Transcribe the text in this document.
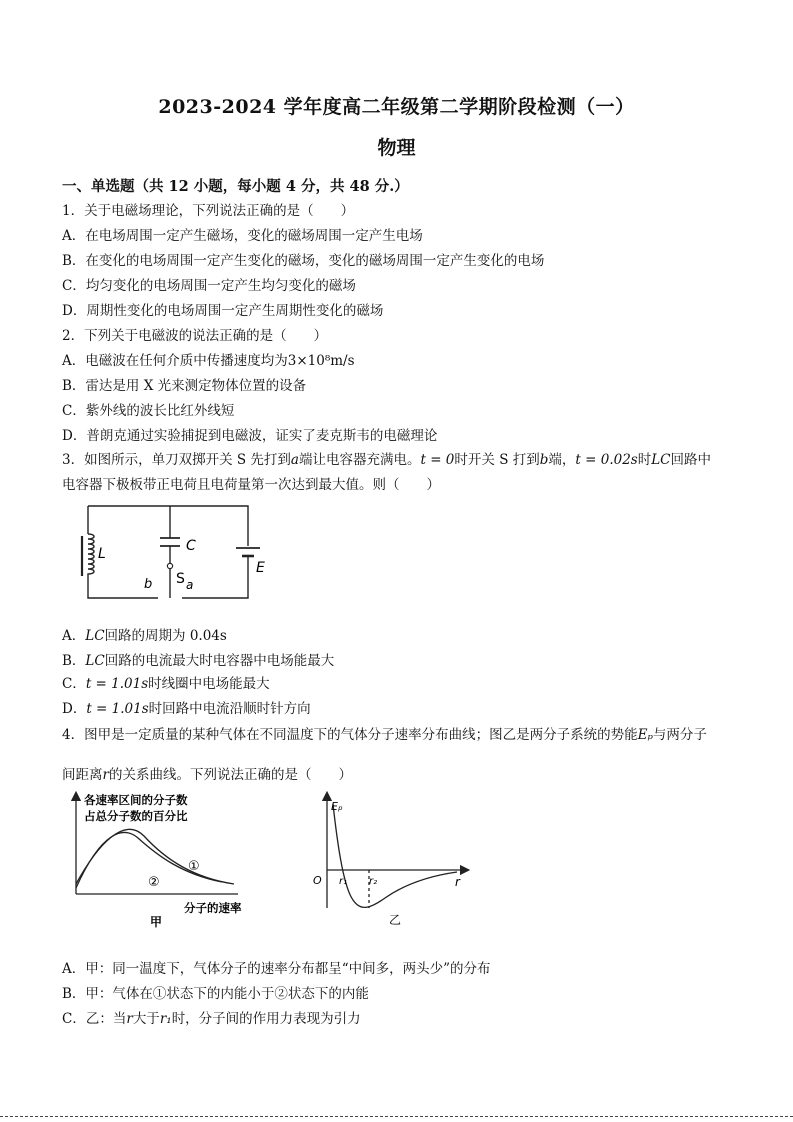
2023-2024 学年度高二年级第二学期阶段检测（一）
物理
一、单选题（共 12 小题，每小题 4 分，共 48 分.）
1．关于电磁场理论，下列说法正确的是（　　）
A．在电场周围一定产生磁场，变化的磁场周围一定产生电场
B．在变化的电场周围一定产生变化的磁场，变化的磁场周围一定产生变化的电场
C．均匀变化的电场周围一定产生均匀变化的磁场
D．周期性变化的电场周围一定产生周期性变化的磁场
2．下列关于电磁波的说法正确的是（　　）
A．电磁波在任何介质中传播速度均为3×10⁸m/s
B．雷达是用 X 光来测定物体位置的设备
C．紫外线的波长比红外线短
D．普朗克通过实验捕捉到电磁波，证实了麦克斯韦的电磁理论
3．如图所示，单刀双掷开关 S 先打到a端让电容器充满电。t = 0时开关 S 打到b端，t = 0.02s时LC回路中
电容器下极板带正电荷且电荷量第一次达到最大值。则（　　）
L	C
E
S a
b
A．LC回路的周期为 0.04s
B．LC回路的电流最大时电容器中电场能最大
C．t = 1.01s时线圈中电场能最大
D．t = 1.01s时回路中电流沿顺时针方向
4．图甲是一定质量的某种气体在不同温度下的气体分子速率分布曲线；图乙是两分子系统的势能Eₚ与两分子
间距离r的关系曲线。下列说法正确的是（　　）
各速率区间的分子数
占总分子数的百分比
①
②
分子的速率
甲
Eₚ
O r₁ r₂	r
乙
A．甲：同一温度下，气体分子的速率分布都呈“中间多，两头少”的分布
B．甲：气体在①状态下的内能小于②状态下的内能
C．乙：当r大于r₁时，分子间的作用力表现为引力
